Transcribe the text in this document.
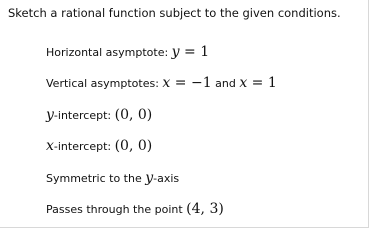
Sketch a rational function subject to the given conditions.
Horizontal asymptote: y = 1
Vertical asymptotes: x = −1 and x = 1
y-intercept: (0, 0)
x-intercept: (0, 0)
Symmetric to the y-axis
Passes through the point (4, 3)
